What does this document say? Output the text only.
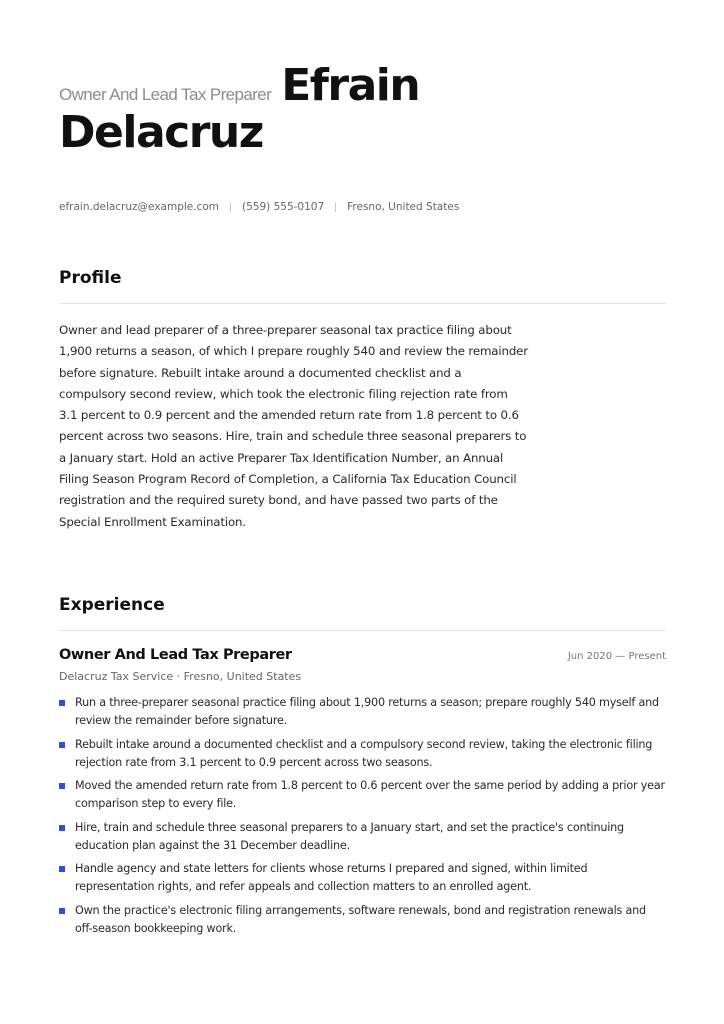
Owner And Lead Tax Preparer Efrain
Delacruz
efrain.delacruz@example.com (559) 555-0107 Fresno, United States
Profile

Owner and lead preparer of a three-preparer seasonal tax practice filing about 1,900 returns a season, of which I prepare roughly 540 and review the remainder before signature. Rebuilt intake around a documented checklist and a compulsory second review, which took the electronic filing rejection rate from 3.1 percent to 0.9 percent and the amended return rate from 1.8 percent to 0.6 percent across two seasons. Hire, train and schedule three seasonal preparers to a January start. Hold an active Preparer Tax Identification Number, an Annual Filing Season Program Record of Completion, a California Tax Education Council registration and the required surety bond, and have passed two parts of the Special Enrollment Examination.

Experience
Owner And Lead Tax Preparer	Jun 2020 — Present
Delacruz Tax Service · Fresno, United States
Run a three-preparer seasonal practice filing about 1,900 returns a season; prepare roughly 540 myself and review the remainder before signature.
Rebuilt intake around a documented checklist and a compulsory second review, taking the electronic filing rejection rate from 3.1 percent to 0.9 percent across two seasons.
Moved the amended return rate from 1.8 percent to 0.6 percent over the same period by adding a prior year comparison step to every file.
Hire, train and schedule three seasonal preparers to a January start, and set the practice's continuing education plan against the 31 December deadline.
Handle agency and state letters for clients whose returns I prepared and signed, within limited representation rights, and refer appeals and collection matters to an enrolled agent.
Own the practice's electronic filing arrangements, software renewals, bond and registration renewals and off-season bookkeeping work.
